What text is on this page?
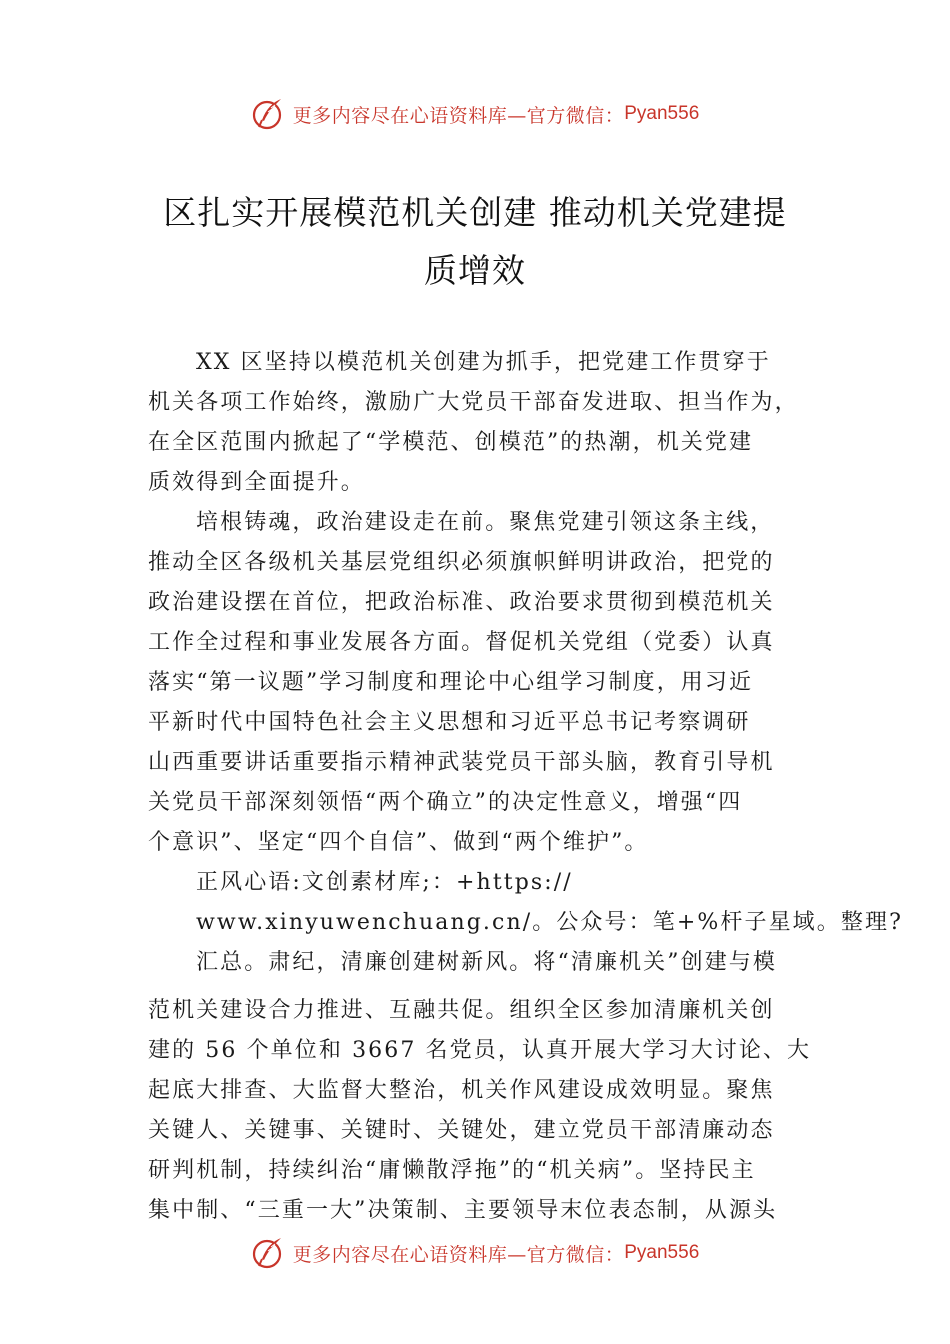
更多内容尽在心语资料库—官方微信： Pyan556
区扎实开展模范机关创建 推动机关党建提
质增效
XX 区坚持以模范机关创建为抓手，把党建工作贯穿于
机关各项工作始终，激励广大党员干部奋发进取、担当作为，
在全区范围内掀起了“学模范、创模范”的热潮，机关党建
质效得到全面提升。
培根铸魂，政治建设走在前。聚焦党建引领这条主线，
推动全区各级机关基层党组织必须旗帜鲜明讲政治，把党的
政治建设摆在首位，把政治标准、政治要求贯彻到模范机关
工作全过程和事业发展各方面。督促机关党组（党委）认真
落实“第一议题”学习制度和理论中心组学习制度，用习近
平新时代中国特色社会主义思想和习近平总书记考察调研
山西重要讲话重要指示精神武装党员干部头脑，教育引导机
关党员干部深刻领悟“两个确立”的决定性意义，增强“四
个意识”、坚定“四个自信”、做到“两个维护”。
正风心语:文创素材库;：+https://
www.xinyuwenchuang.cn/。公众号：笔+%杆子星域。整理?
汇总。肃纪，清廉创建树新风。将“清廉机关”创建与模
范机关建设合力推进、互融共促。组织全区参加清廉机关创
建的 56 个单位和 3667 名党员，认真开展大学习大讨论、大
起底大排查、大监督大整治，机关作风建设成效明显。聚焦
关键人、关键事、关键时、关键处，建立党员干部清廉动态
研判机制，持续纠治“庸懒散浮拖”的“机关病”。坚持民主
集中制、“三重一大”决策制、主要领导末位表态制，从源头
更多内容尽在心语资料库—官方微信： Pyan556
